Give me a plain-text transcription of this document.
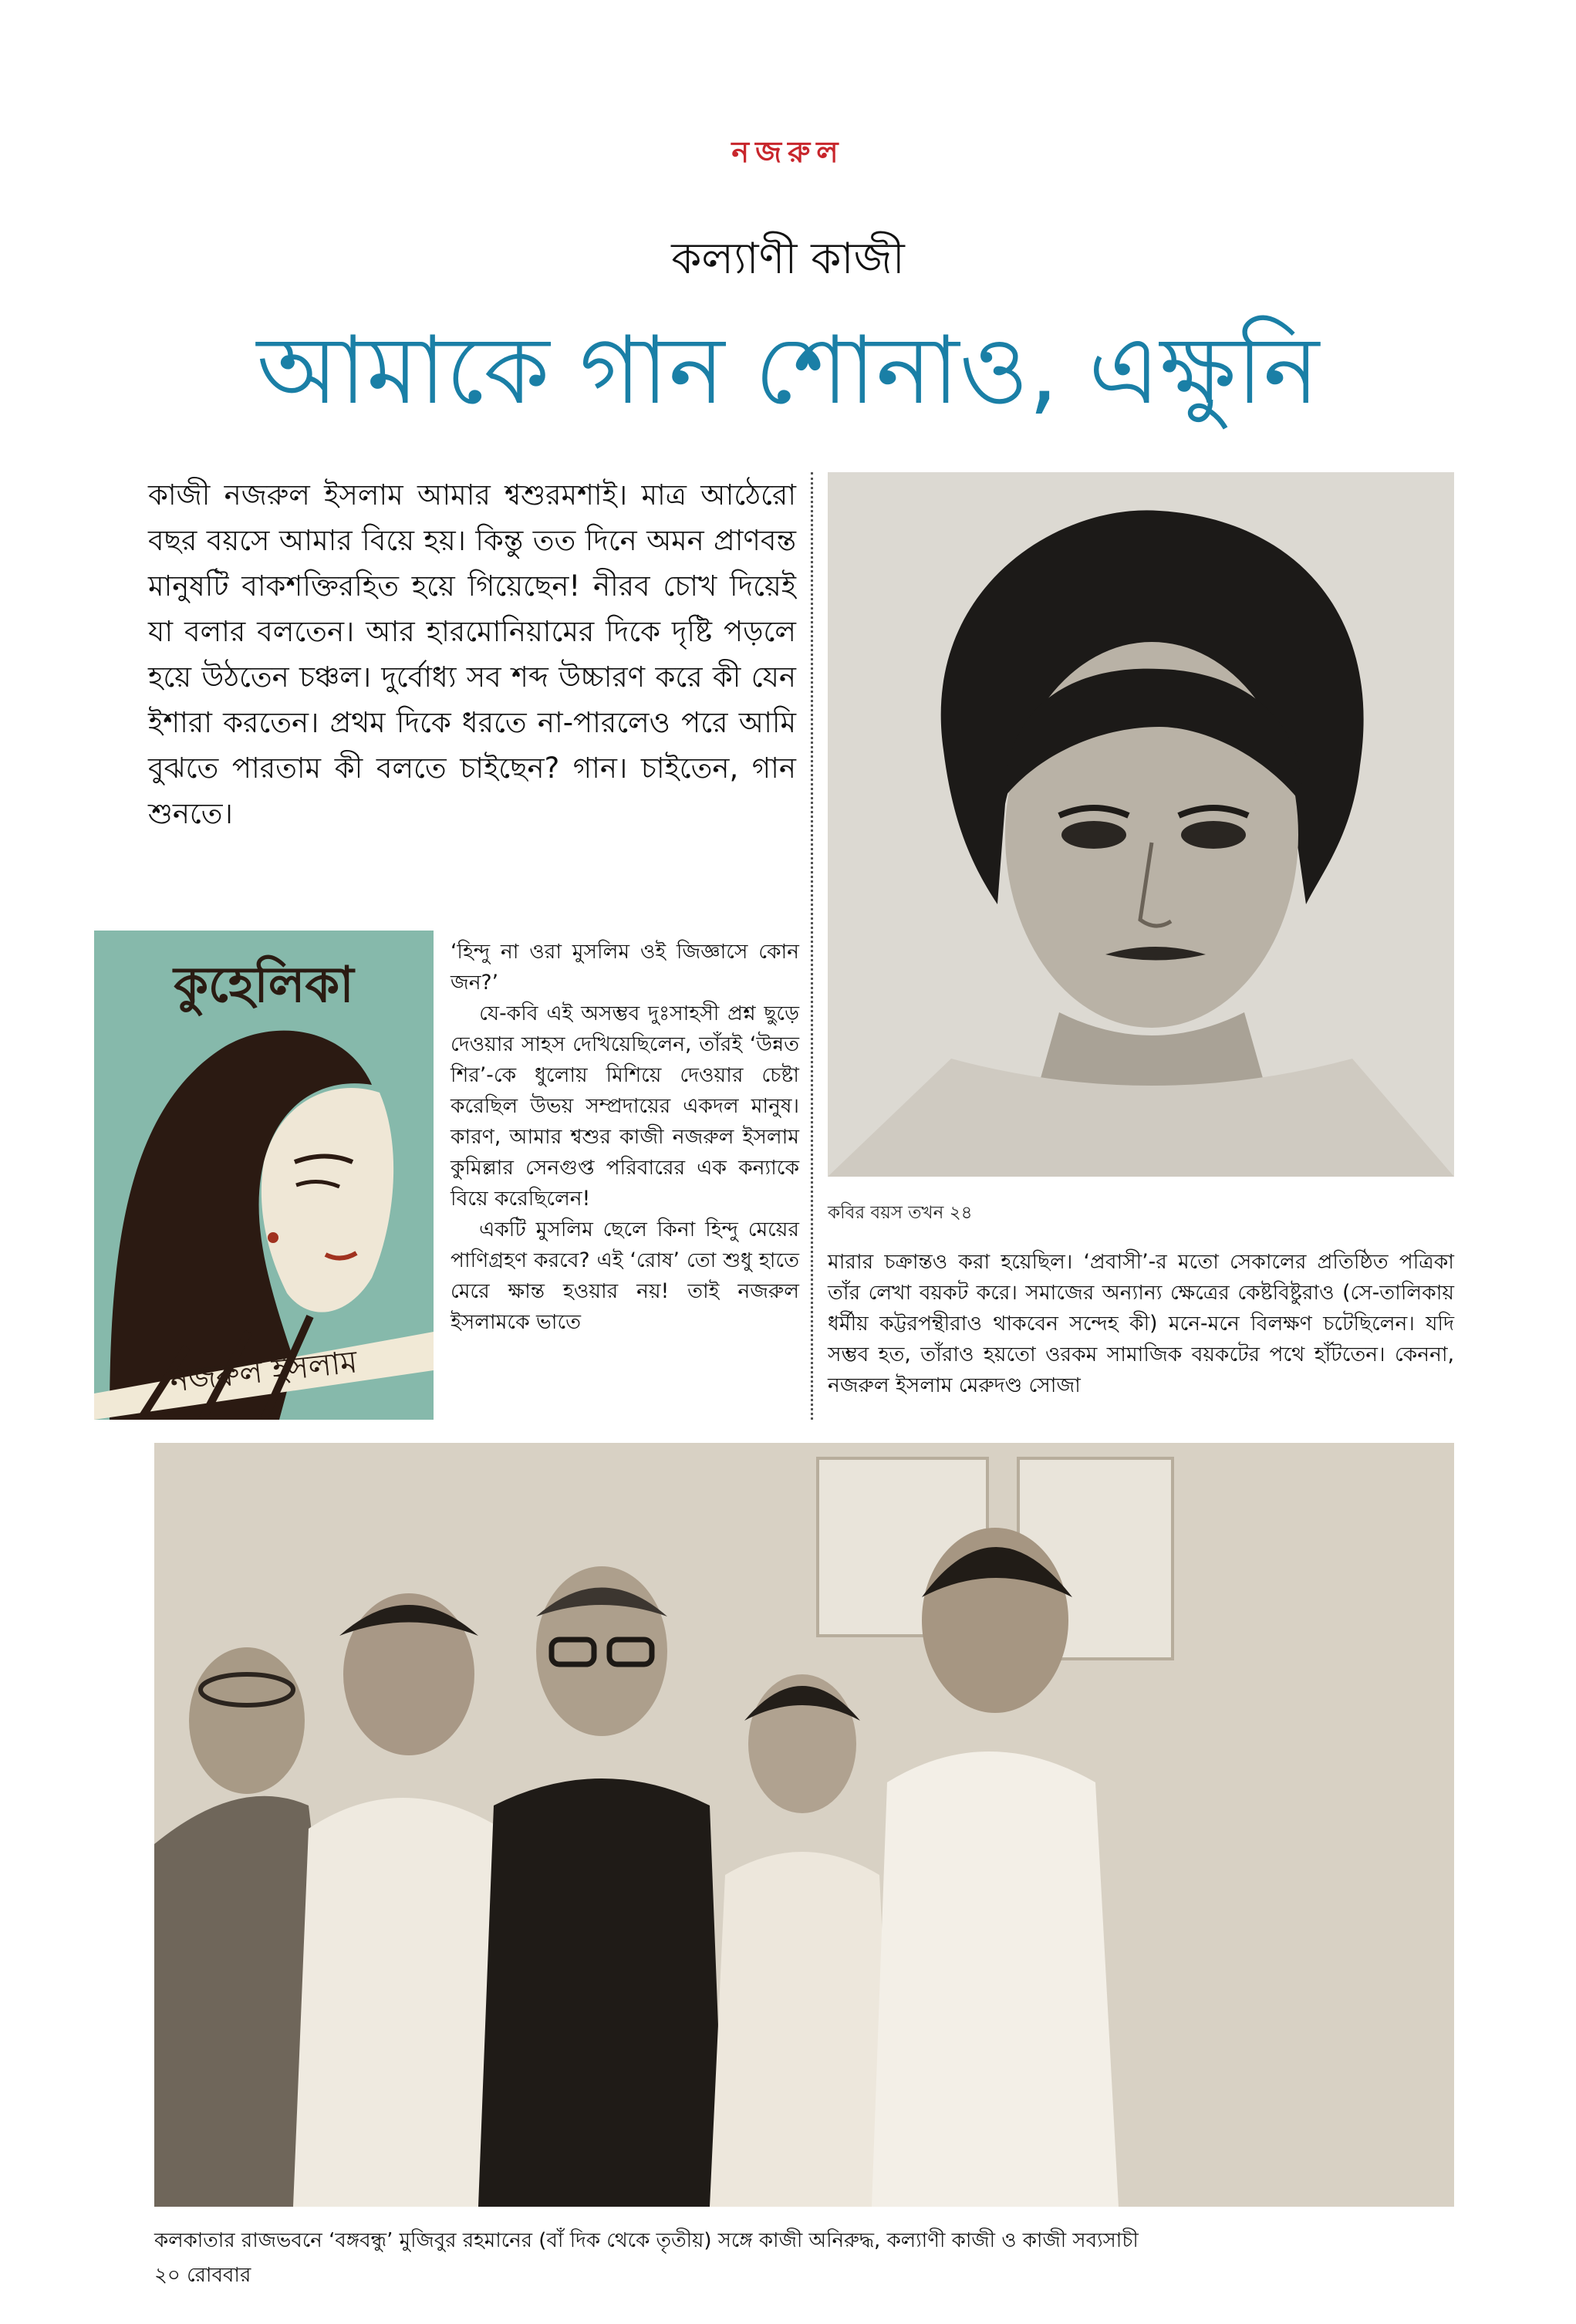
নজরুল
কল্যাণী কাজী
আমাকে গান শোনাও, এক্ষুনি

কাজী নজরুল ইসলাম আমার শ্বশুরমশাই। মাত্র আঠেরো বছর বয়সে আমার বিয়ে হয়। কিন্তু তত দিনে অমন প্রাণবন্ত মানুষটি বাকশক্তিরহিত হয়ে গিয়েছেন! নীরব চোখ দিয়েই যা বলার বলতেন। আর হারমোনিয়ামের দিকে দৃষ্টি পড়লে হয়ে উঠতেন চঞ্চল। দুর্বোধ্য সব শব্দ উচ্চারণ করে কী যেন ইশারা করতেন। প্রথম দিকে ধরতে না-পারলেও পরে আমি বুঝতে পারতাম কী বলতে চাইছেন? গান। চাইতেন, গান শুনতে।

কবির বয়স তখন ২৪
কুহেলিকা
নজরুল ইসলাম

‘হিন্দু না ওরা মুসলিম ওই জিজ্ঞাসে কোন জন?’

যে-কবি এই অসম্ভব দুঃসাহসী প্রশ্ন ছুড়ে দেওয়ার সাহস দেখিয়েছিলেন, তাঁরই ‘উন্নত শির’-কে ধুলোয় মিশিয়ে দেওয়ার চেষ্টা করেছিল উভয় সম্প্রদায়ের একদল মানুষ। কারণ, আমার শ্বশুর কাজী নজরুল ইসলাম কুমিল্লার সেনগুপ্ত পরিবারের এক কন্যাকে বিয়ে করেছিলেন!

একটি মুসলিম ছেলে কিনা হিন্দু মেয়ের পাণিগ্রহণ করবে? এই ‘রোষ’ তো শুধু হাতে মেরে ক্ষান্ত হওয়ার নয়! তাই নজরুল ইসলামকে ভাতে

মারার চক্রান্তও করা হয়েছিল। ‘প্রবাসী’-র মতো সেকালের প্রতিষ্ঠিত পত্রিকা তাঁর লেখা বয়কট করে। সমাজের অন্যান্য ক্ষেত্রের কেষ্টবিষ্টুরাও (সে-তালিকায় ধর্মীয় কট্টরপন্থীরাও থাকবেন সন্দেহ কী) মনে-মনে বিলক্ষণ চটেছিলেন। যদি সম্ভব হত, তাঁরাও হয়তো ওরকম সামাজিক বয়কটের পথে হাঁটতেন। কেননা, নজরুল ইসলাম মেরুদণ্ড সোজা

কলকাতার রাজভবনে ‘বঙ্গবন্ধু’ মুজিবুর রহমানের (বাঁ দিক থেকে তৃতীয়) সঙ্গে কাজী অনিরুদ্ধ, কল্যাণী কাজী ও কাজী সব্যসাচী
২০ রোববার
